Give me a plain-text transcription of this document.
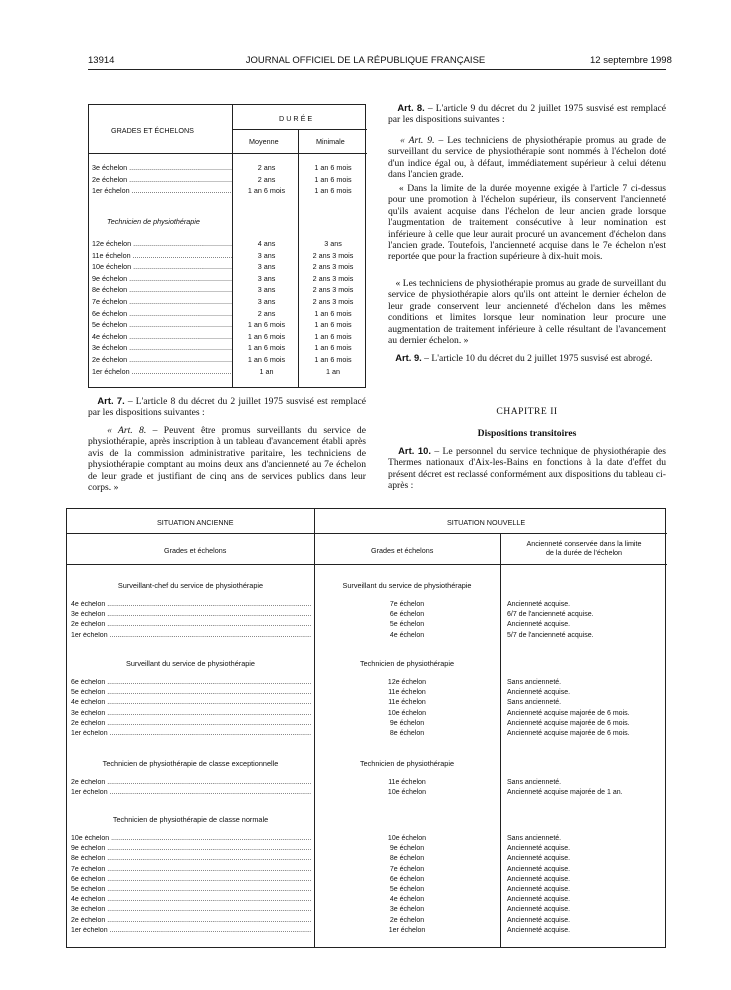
13914	JOURNAL OFFICIEL DE LA RÉPUBLIQUE FRANÇAISE	12 septembre 1998
GRADES ET ÉCHELONS
DURÉE
Moyenne	Minimale
Technicien de physiothérapie
3e échelon .....	2 ans	1 an 6 mois
2e échelon .....	2 ans	1 an 6 mois
1er échelon .....	1 an 6 mois	1 an 6 mois
12e échelon .....	4 ans	3 ans
11e échelon .....	3 ans	2 ans 3 mois
10e échelon .....	3 ans	2 ans 3 mois
9e échelon .....	3 ans	2 ans 3 mois
8e échelon .....	3 ans	2 ans 3 mois
7e échelon .....	3 ans	2 ans 3 mois
6e échelon .....	2 ans	1 an 6 mois
5e échelon .....	1 an 6 mois	1 an 6 mois
4e échelon .....	1 an 6 mois	1 an 6 mois
3e échelon .....	1 an 6 mois	1 an 6 mois
2e échelon .....	1 an 6 mois	1 an 6 mois
1er échelon .....	1 an	1 an
Art. 7. – L'article 8 du décret du 2 juillet 1975 susvisé est remplacé par les dispositions suivantes :
« Art. 8. – Peuvent être promus surveillants du service de physiothérapie, après inscription à un tableau d'avancement établi après avis de la commission administrative paritaire, les techniciens de physiothérapie comptant au moins deux ans d'ancienneté au 7e échelon de leur grade et justifiant de cinq ans de services publics dans leur corps. »
Art. 8. – L'article 9 du décret du 2 juillet 1975 susvisé est remplacé par les dispositions suivantes :
« Art. 9. – Les techniciens de physiothérapie promus au grade de surveillant du service de physiothérapie sont nommés à l'échelon doté d'un indice égal ou, à défaut, immédiatement supérieur à celui détenu dans l'ancien grade.
« Dans la limite de la durée moyenne exigée à l'article 7 ci-dessus pour une promotion à l'échelon supérieur, ils conservent l'ancienneté qu'ils avaient acquise dans l'échelon de leur ancien grade lorsque l'augmentation de traitement consécutive à leur nomination est inférieure à celle que leur aurait procuré un avancement d'échelon dans l'ancien grade. Toutefois, l'ancienneté acquise dans le 7e échelon n'est reportée que pour la fraction supérieure à dix-huit mois.
« Les techniciens de physiothérapie promus au grade de surveillant du service de physiothérapie alors qu'ils ont atteint le dernier échelon de leur grade conservent leur ancienneté d'échelon dans les mêmes conditions et limites lorsque leur nomination leur procure une augmentation de traitement inférieure à celle résultant de l'avancement au dernier échelon. »
Art. 9. – L'article 10 du décret du 2 juillet 1975 susvisé est abrogé.
CHAPITRE II
Dispositions transitoires
Art. 10. – Le personnel du service technique de physiothérapie des Thermes nationaux d'Aix-les-Bains en fonctions à la date d'effet du présent décret est reclassé conformément aux dispositions du tableau ci-après :
SITUATION ANCIENNE	SITUATION NOUVELLE
Grades et échelons	Grades et échelons
Ancienneté conservée dans la limite
de la durée de l'échelon
Surveillant-chef du service de physiothérapie	Surveillant du service de physiothérapie
4e échelon .....	7e échelon	Ancienneté acquise.
3e échelon .....	6e échelon	6/7 de l'ancienneté acquise.
2e échelon .....	5e échelon	Ancienneté acquise.
1er échelon .....	4e échelon	5/7 de l'ancienneté acquise.
Surveillant du service de physiothérapie	Technicien de physiothérapie
6e échelon .....	12e échelon	Sans ancienneté.
5e échelon .....	11e échelon	Ancienneté acquise.
4e échelon .....	11e échelon	Sans ancienneté.
3e échelon .....	10e échelon	Ancienneté acquise majorée de 6 mois.
2e échelon .....	9e échelon	Ancienneté acquise majorée de 6 mois.
1er échelon .....	8e échelon	Ancienneté acquise majorée de 6 mois.
Technicien de physiothérapie de classe exceptionnelle	Technicien de physiothérapie
2e échelon .....	11e échelon	Sans ancienneté.
1er échelon .....	10e échelon	Ancienneté acquise majorée de 1 an.
Technicien de physiothérapie de classe normale
10e échelon .....	10e échelon	Sans ancienneté.
9e échelon .....	9e échelon	Ancienneté acquise.
8e échelon .....	8e échelon	Ancienneté acquise.
7e échelon .....	7e échelon	Ancienneté acquise.
6e échelon .....	6e échelon	Ancienneté acquise.
5e échelon .....	5e échelon	Ancienneté acquise.
4e échelon .....	4e échelon	Ancienneté acquise.
3e échelon .....	3e échelon	Ancienneté acquise.
2e échelon .....	2e échelon	Ancienneté acquise.
1er échelon .....	1er échelon	Ancienneté acquise.
